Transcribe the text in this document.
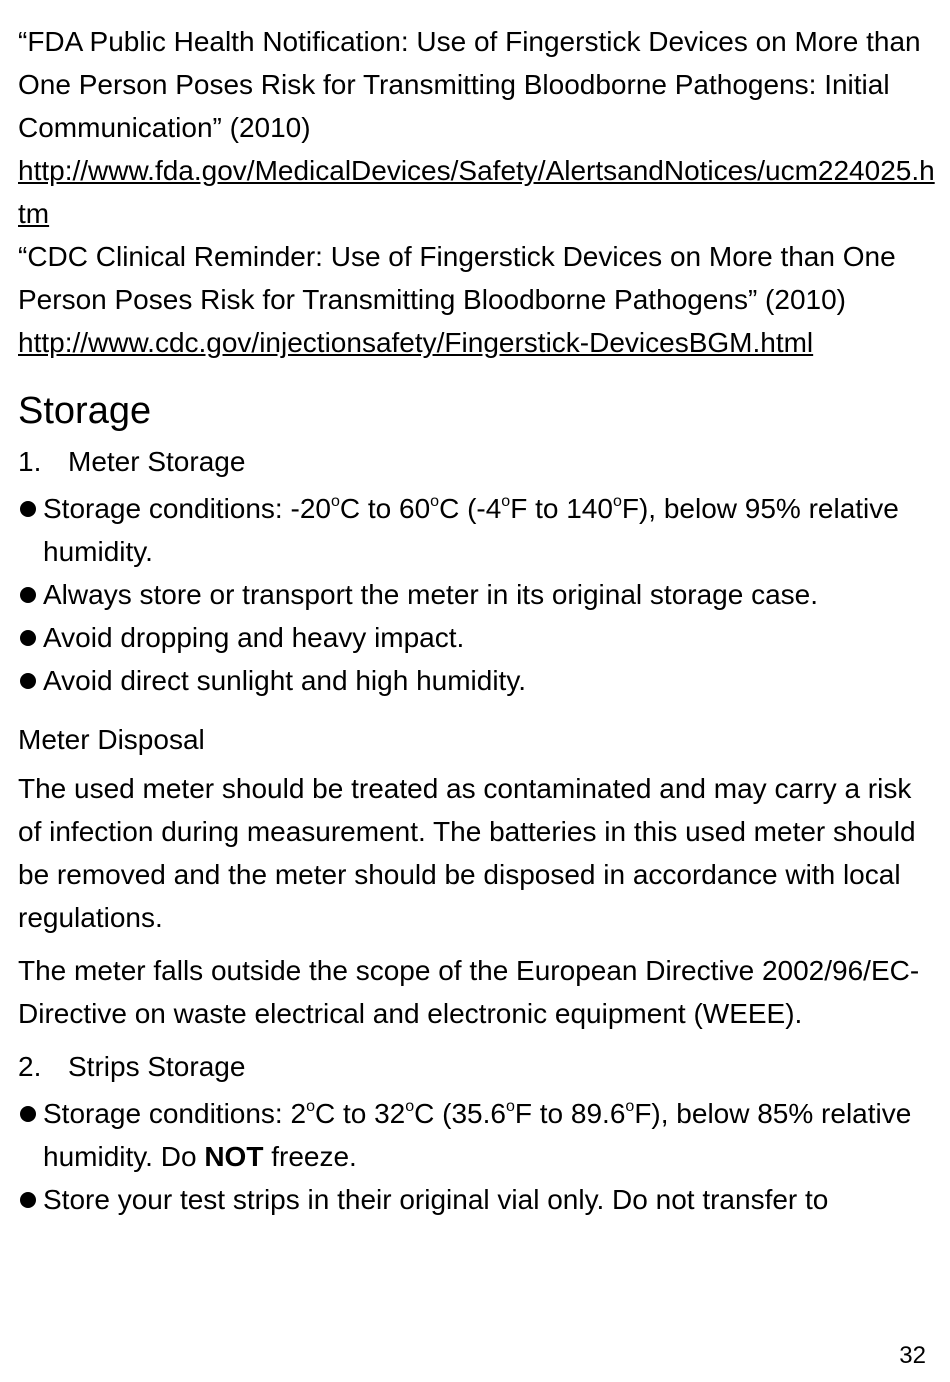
“FDA Public Health Notification: Use of Fingerstick Devices on More than One Person Poses Risk for Transmitting Bloodborne Pathogens: Initial Communication” (2010)

http://www.fda.gov/MedicalDevices/Safety/AlertsandNotices/ucm224025.htm

“CDC Clinical Reminder: Use of Fingerstick Devices on More than One Person Poses Risk for Transmitting Bloodborne Pathogens” (2010)

http://www.cdc.gov/injectionsafety/Fingerstick-DevicesBGM.html
Storage
1. Meter Storage
Storage conditions: -20$^o$C to 60$^o$C (-4$^o$F to 140$^o$F), below 95% relative humidity.
Always store or transport the meter in its original storage case.
Avoid dropping and heavy impact.
Avoid direct sunlight and high humidity.
Meter Disposal

The used meter should be treated as contaminated and may carry a risk of infection during measurement. The batteries in this used meter should be removed and the meter should be disposed in accordance with local regulations.

The meter falls outside the scope of the European Directive 2002/96/EC-Directive on waste electrical and electronic equipment (WEEE).

2. Strips Storage
Storage conditions: 2$^o$C to 32$^o$C (35.6$^o$F to 89.6$^o$F), below 85% relative humidity. Do NOT freeze.
Store your test strips in their original vial only. Do not transfer to
32
